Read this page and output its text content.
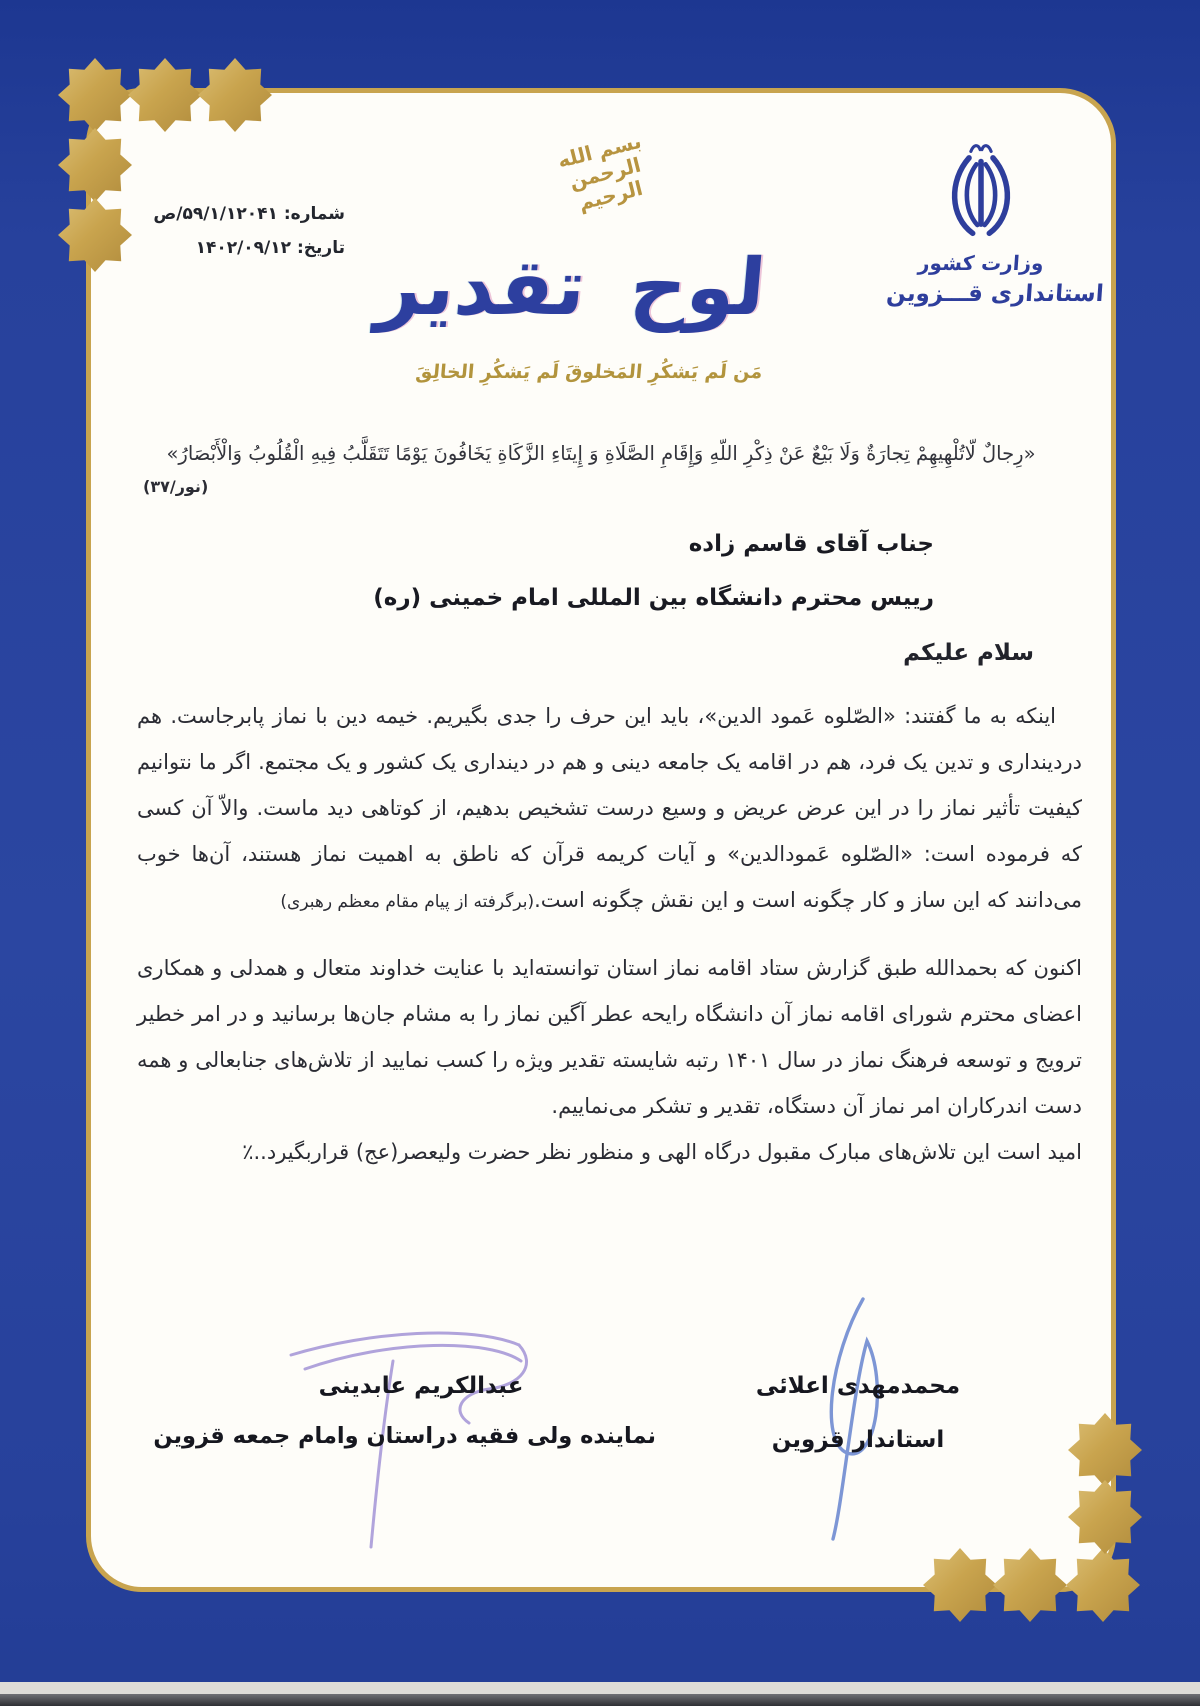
شماره:۵۹/۱/۱۲۰۴۱/ص
تاریخ:۱۴۰۲/۰۹/۱۲
وزارت کشور
استانداری قـــزوین
بسم الله الرحمن الرحیم
لوح تقدیر
مَن لَم یَشکُرِ المَخلوقَ لَم یَشکُرِ الخالِقَ
«رِجالٌ لّاتُلْهِیهِمْ تِجارَةٌ وَلَا بَیْعٌ عَنْ ذِکْرِ اللّهِ وَإِقَامِ الصَّلَاةِ وَ إِیتَاءِ الزَّکَاةِ یَخَافُونَ یَوْمًا تَتَقَلَّبُ فِیهِ الْقُلُوبُ وَالْأَبْصَارُ»
(نور/۳۷)
جناب آقای قاسم زاده
رییس محترم دانشگاه بین المللی امام خمینی (ره)
سلام علیکم

اینکه به ما گفتند: «الصّلوه عَمود الدین»، باید این حرف را جدی بگیریم. خیمه دین با نماز پابرجاست. هم دردینداری و تدین یک فرد، هم در اقامه یک جامعه دینی و هم در دینداری یک کشور و یک مجتمع. اگر ما نتوانیم کیفیت تأثیر نماز را در این عرض عریض و وسیع درست تشخیص بدهیم، از کوتاهی دید ماست. والاّ آن کسی که فرموده است: «الصّلوه عَمودالدین» و آیات کریمه قرآن که ناطق به اهمیت نماز هستند، آن‌ها خوب می‌دانند که این ساز و کار چگونه است و این نقش چگونه است.(برگرفته از پیام مقام معظم رهبری)

اکنون که بحمدالله طبق گزارش ستاد اقامه نماز استان توانسته‌اید با عنایت خداوند متعال و همدلی و همکاری اعضای محترم شورای اقامه نماز آن دانشگاه رایحه عطر آگین نماز را به مشام جان‌ها برسانید و در امر خطیر ترویج و توسعه فرهنگ نماز در سال ۱۴۰۱ رتبه شایسته تقدیر ویژه را کسب نمایید از تلاش‌های جنابعالی و همه دست اندرکاران امر نماز آن دستگاه، تقدیر و تشکر می‌نماییم.

امید است این تلاش‌های مبارک مقبول درگاه الهی و منظور نظر حضرت ولیعصر(عج) قراربگیرد..٪

محمدمهدی اعلائی
استاندار قزوین
عبدالکریم عابدینی
نماینده ولی فقیه دراستان وامام جمعه قزوین
